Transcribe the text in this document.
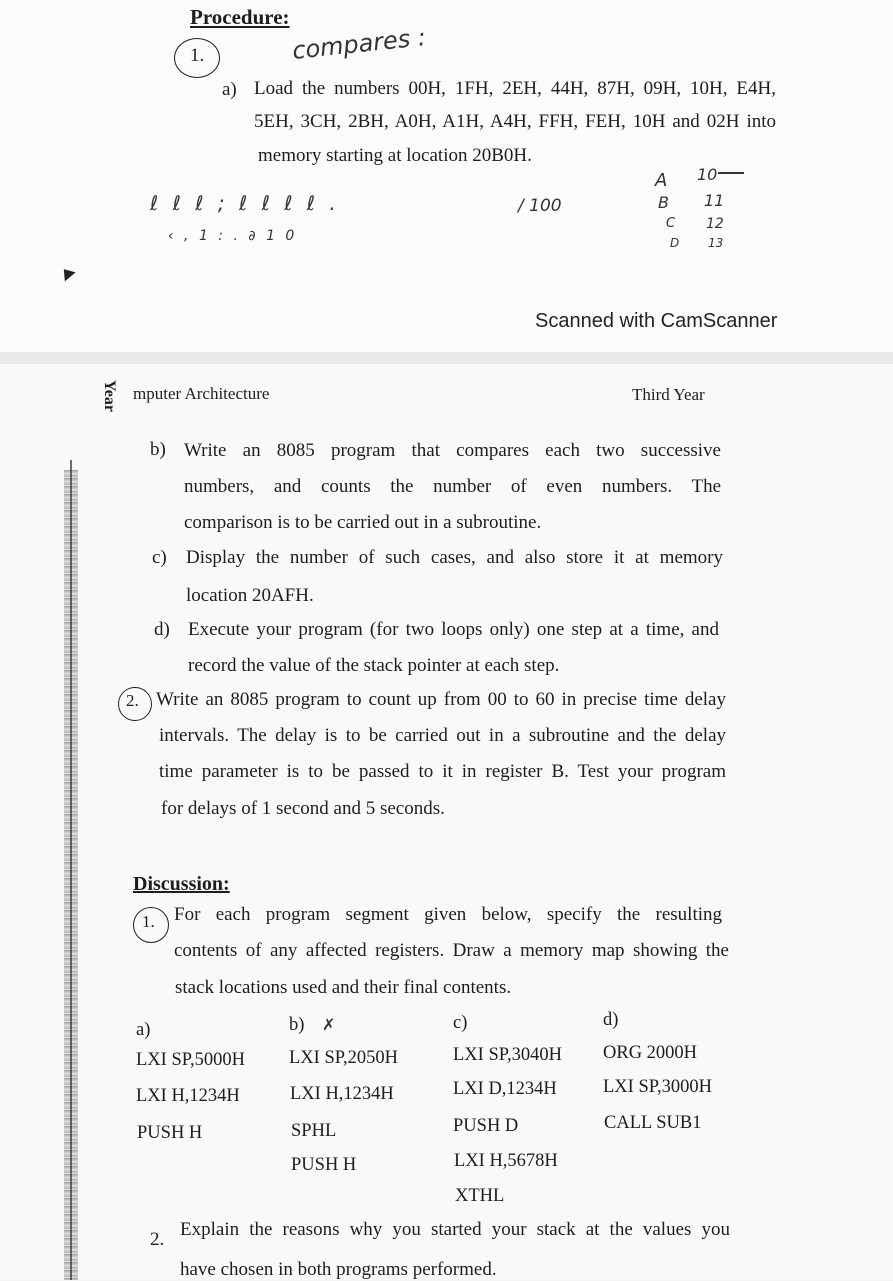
Procedure:
1.	compares :
a) Load the numbers 00H, 1FH, 2EH, 44H, 87H, 09H, 10H, E4H,
5EH, 3CH, 2BH, A0H, A1H, A4H, FFH, FEH, 10H and 02H into
memory starting at location 20B0H.
ℓ ℓ ℓ ; ℓ ℓ ℓ ℓ .
‹ , 1 : . ∂ 1 0
/ 100
A
B
C
D
10
11
12
13
Scanned with CamScanner
Year mputer Architecture	Third Year
b) Write an 8085 program that compares each two successive
numbers, and counts the number of even numbers. The
comparison is to be carried out in a subroutine.
c) Display the number of such cases, and also store it at memory
location 20AFH.
d) Execute your program (for two loops only) one step at a time, and
record the value of the stack pointer at each step.
2. Write an 8085 program to count up from 00 to 60 in precise time delay
intervals. The delay is to be carried out in a subroutine and the delay
time parameter is to be passed to it in register B. Test your program
for delays of 1 second and 5 seconds.
Discussion:
1. For each program segment given below, specify the resulting
contents of any affected registers. Draw a memory map showing the
stack locations used and their final contents.
a)
LXI SP,5000H
LXI H,1234H
PUSH H
b) ✗
LXI SP,2050H
LXI H,1234H
SPHL
PUSH H
c)
LXI SP,3040H
LXI D,1234H
PUSH D
LXI H,5678H
XTHL
d)
ORG 2000H
LXI SP,3000H
CALL SUB1
2. Explain the reasons why you started your stack at the values you
have chosen in both programs performed.
